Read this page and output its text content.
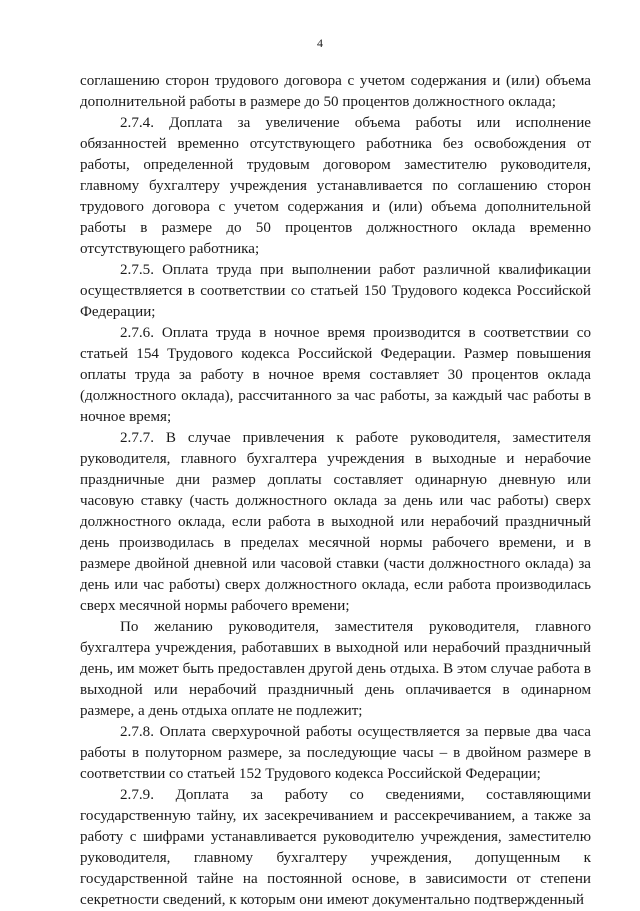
4

соглашению сторон трудового договора с учетом содержания и (или) объема дополнительной работы в размере до 50 процентов должностного оклада;

2.7.4. Доплата за увеличение объема работы или исполнение обязанностей временно отсутствующего работника без освобождения от работы, определенной трудовым договором заместителю руководителя, главному бухгалтеру учреждения устанавливается по соглашению сторон трудового договора с учетом содержания и (или) объема дополнительной работы в размере до 50 процентов должностного оклада временно отсутствующего работника;

2.7.5. Оплата труда при выполнении работ различной квалификации осуществляется в соответствии со статьей 150 Трудового кодекса Российской Федерации;

2.7.6. Оплата труда в ночное время производится в соответствии со статьей 154 Трудового кодекса Российской Федерации. Размер повышения оплаты труда за работу в ночное время составляет 30 процентов оклада (должностного оклада), рассчитанного за час работы, за каждый час работы в ночное время;

2.7.7. В случае привлечения к работе руководителя, заместителя руководителя, главного бухгалтера учреждения в выходные и нерабочие праздничные дни размер доплаты составляет одинарную дневную или часовую ставку (часть должностного оклада за день или час работы) сверх должностного оклада, если работа в выходной или нерабочий праздничный день производилась в пределах месячной нормы рабочего времени, и в размере двойной дневной или часовой ставки (части должностного оклада) за день или час работы) сверх должностного оклада, если работа производилась сверх месячной нормы рабочего времени;

По желанию руководителя, заместителя руководителя, главного бухгалтера учреждения, работавших в выходной или нерабочий праздничный день, им может быть предоставлен другой день отдыха. В этом случае работа в выходной или нерабочий праздничный день оплачивается в одинарном размере, а день отдыха оплате не подлежит;

2.7.8. Оплата сверхурочной работы осуществляется за первые два часа работы в полуторном размере, за последующие часы – в двойном размере в соответствии со статьей 152 Трудового кодекса Российской Федерации;

2.7.9. Доплата за работу со сведениями, составляющими государственную тайну, их засекречиванием и рассекречиванием, а также за работу с шифрами устанавливается руководителю учреждения, заместителю руководителя, главному бухгалтеру учреждения, допущенным к государственной тайне на постоянной основе, в зависимости от степени секретности сведений, к которым они имеют документально подтвержденный
